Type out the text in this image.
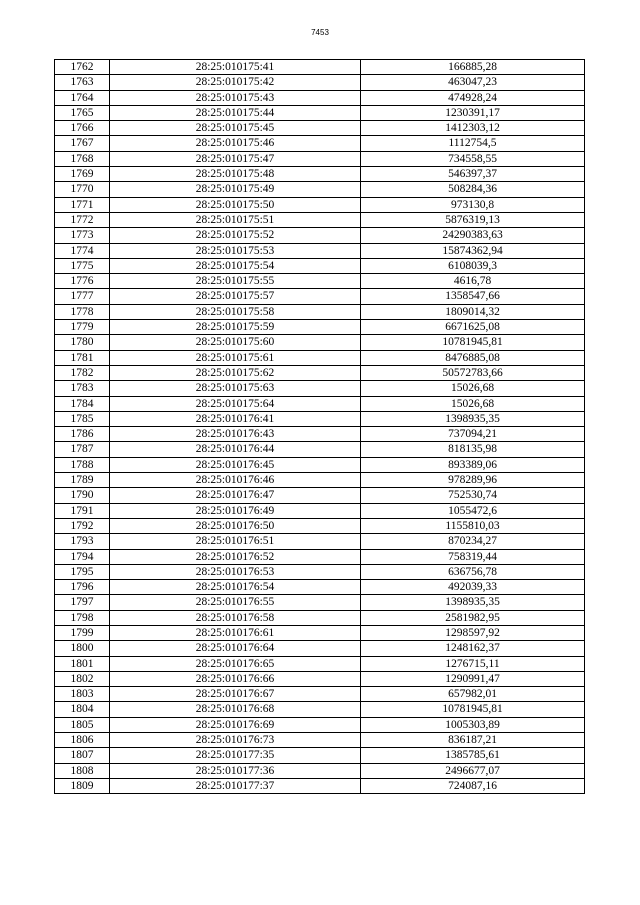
7453
1762	28:25:010175:41	166885,28
1763	28:25:010175:42	463047,23
1764	28:25:010175:43	474928,24
1765	28:25:010175:44	1230391,17
1766	28:25:010175:45	1412303,12
1767	28:25:010175:46	1112754,5
1768	28:25:010175:47	734558,55
1769	28:25:010175:48	546397,37
1770	28:25:010175:49	508284,36
1771	28:25:010175:50	973130,8
1772	28:25:010175:51	5876319,13
1773	28:25:010175:52	24290383,63
1774	28:25:010175:53	15874362,94
1775	28:25:010175:54	6108039,3
1776	28:25:010175:55	4616,78
1777	28:25:010175:57	1358547,66
1778	28:25:010175:58	1809014,32
1779	28:25:010175:59	6671625,08
1780	28:25:010175:60	10781945,81
1781	28:25:010175:61	8476885,08
1782	28:25:010175:62	50572783,66
1783	28:25:010175:63	15026,68
1784	28:25:010175:64	15026,68
1785	28:25:010176:41	1398935,35
1786	28:25:010176:43	737094,21
1787	28:25:010176:44	818135,98
1788	28:25:010176:45	893389,06
1789	28:25:010176:46	978289,96
1790	28:25:010176:47	752530,74
1791	28:25:010176:49	1055472,6
1792	28:25:010176:50	1155810,03
1793	28:25:010176:51	870234,27
1794	28:25:010176:52	758319,44
1795	28:25:010176:53	636756,78
1796	28:25:010176:54	492039,33
1797	28:25:010176:55	1398935,35
1798	28:25:010176:58	2581982,95
1799	28:25:010176:61	1298597,92
1800	28:25:010176:64	1248162,37
1801	28:25:010176:65	1276715,11
1802	28:25:010176:66	1290991,47
1803	28:25:010176:67	657982,01
1804	28:25:010176:68	10781945,81
1805	28:25:010176:69	1005303,89
1806	28:25:010176:73	836187,21
1807	28:25:010177:35	1385785,61
1808	28:25:010177:36	2496677,07
1809	28:25:010177:37	724087,16
